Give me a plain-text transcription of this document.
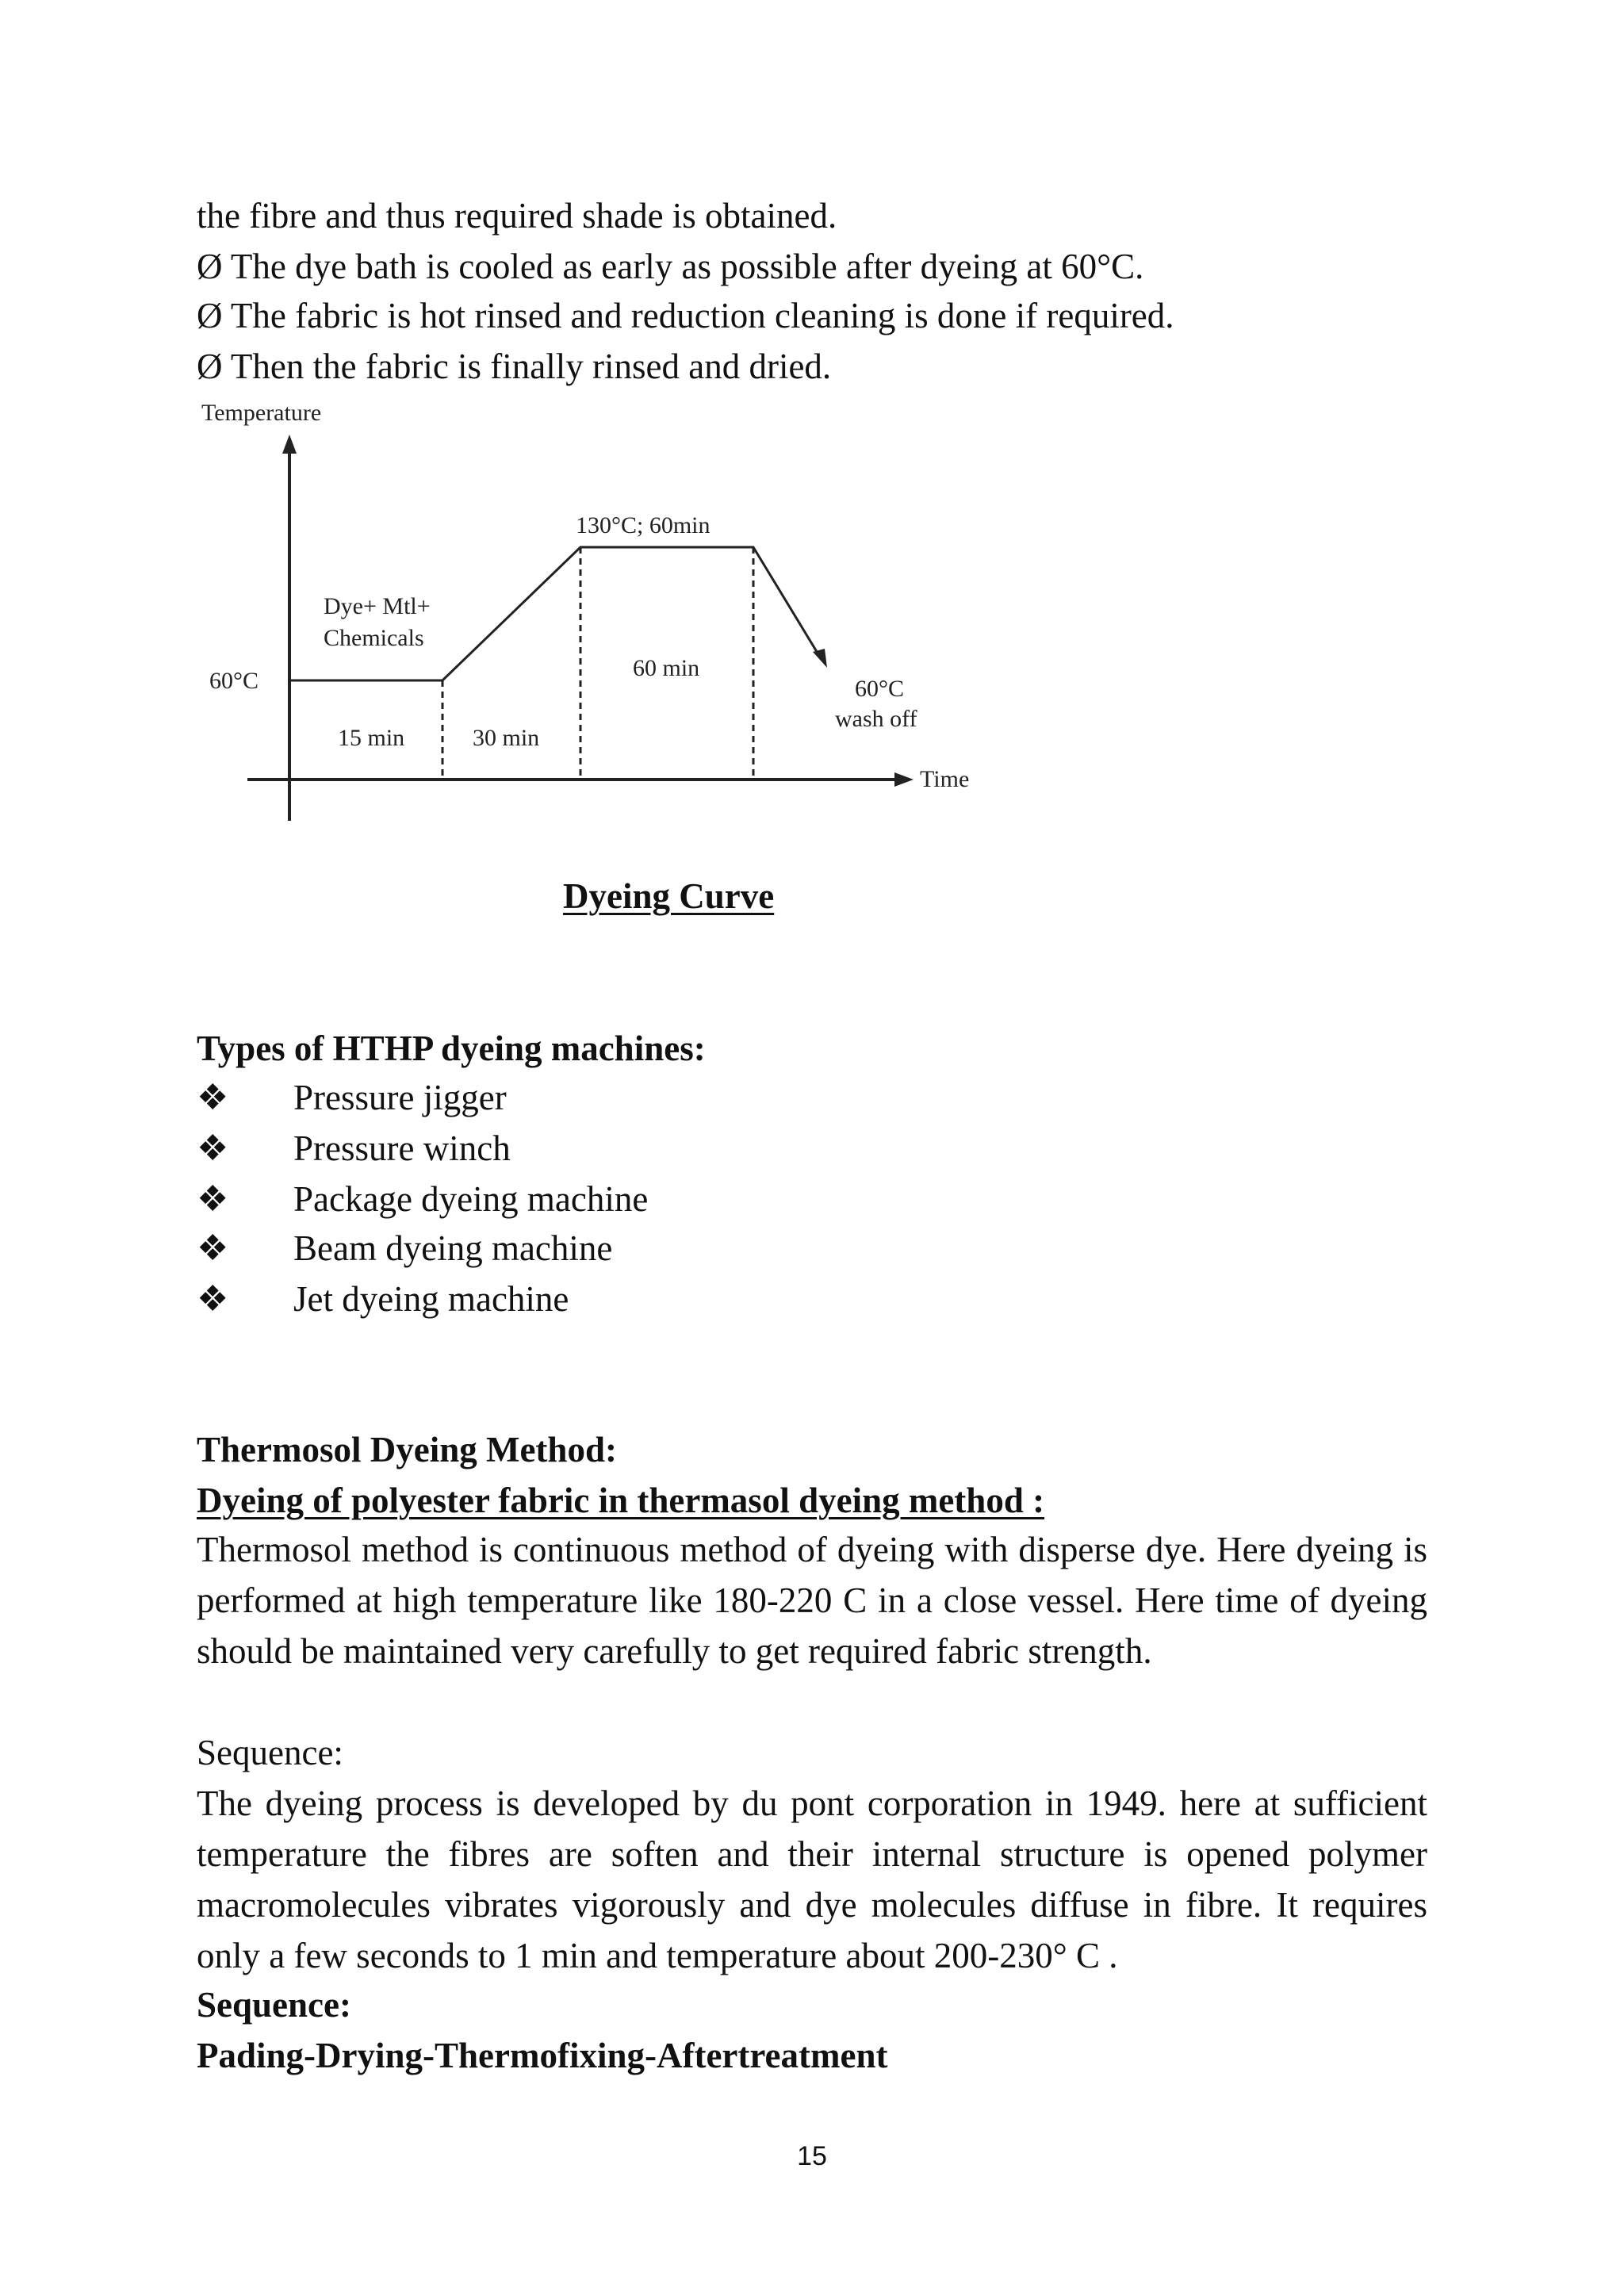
the fibre and thus required shade is obtained.
Ø The dye bath is cooled as early as possible after dyeing at 60°C.
Ø The fabric is hot rinsed and reduction cleaning is done if required.
Ø Then the fabric is finally rinsed and dried.
Temperature
Time
60°C
Dye+ Mtl+
Chemicals
130°C; 60min
15 min	30 min
60 min
60°C
wash off
Dyeing Curve
Types of HTHP dyeing machines:
❖ Pressure jigger
❖ Pressure winch
❖ Package dyeing machine
❖ Beam dyeing machine
❖ Jet dyeing machine
Thermosol Dyeing Method:
Dyeing of polyester fabric in thermasol dyeing method :
Thermosol method is continuous method of dyeing with disperse dye. Here dyeing is performed at high temperature like 180-220 C in a close vessel. Here time of dyeing should be maintained very carefully to get required fabric strength.
Sequence:
The dyeing process is developed by du pont corporation in 1949. here at sufficient temperature the fibres are soften and their internal structure is opened polymer macromolecules vibrates vigorously and dye molecules diffuse in fibre. It requires only a few seconds to 1 min and temperature about 200-230° C .
Sequence:
Pading-Drying-Thermofixing-Aftertreatment
15
